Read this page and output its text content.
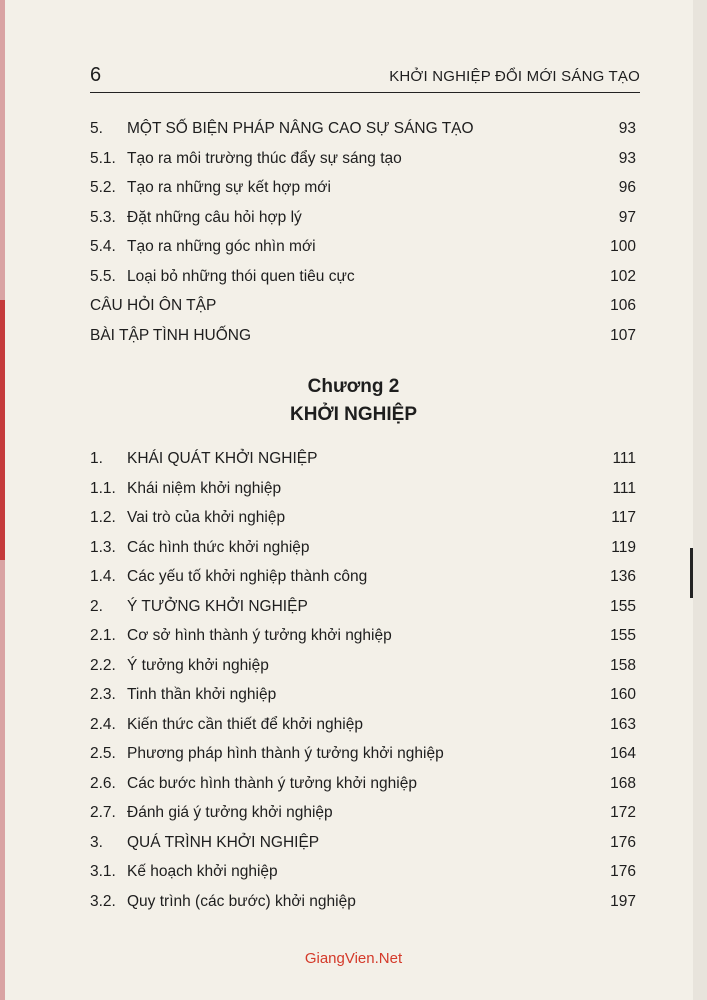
6	KHỞI NGHIỆP ĐỔI MỚI SÁNG TẠO
5. MỘT SỐ BIỆN PHÁP NÂNG CAO SỰ SÁNG TẠO	93
5.1. Tạo ra môi trường thúc đẩy sự sáng tạo	93
5.2. Tạo ra những sự kết hợp mới	96
5.3. Đặt những câu hỏi hợp lý	97
5.4. Tạo ra những góc nhìn mới	100
5.5. Loại bỏ những thói quen tiêu cực	102
CÂU HỎI ÔN TẬP	106
BÀI TẬP TÌNH HUỐNG	107
Chương 2
KHỞI NGHIỆP
1. KHÁI QUÁT KHỞI NGHIỆP	111
1.1. Khái niệm khởi nghiệp	111
1.2. Vai trò của khởi nghiệp	117
1.3. Các hình thức khởi nghiệp	119
1.4. Các yếu tố khởi nghiệp thành công	136
2. Ý TƯỞNG KHỞI NGHIỆP	155
2.1. Cơ sở hình thành ý tưởng khởi nghiệp	155
2.2. Ý tưởng khởi nghiệp	158
2.3. Tinh thần khởi nghiệp	160
2.4. Kiến thức cần thiết để khởi nghiệp	163
2.5. Phương pháp hình thành ý tưởng khởi nghiệp	164
2.6. Các bước hình thành ý tưởng khởi nghiệp	168
2.7. Đánh giá ý tưởng khởi nghiệp	172
3. QUÁ TRÌNH KHỞI NGHIỆP	176
3.1. Kế hoạch khởi nghiệp	176
3.2. Quy trình (các bước) khởi nghiệp	197
GiangVien.Net
